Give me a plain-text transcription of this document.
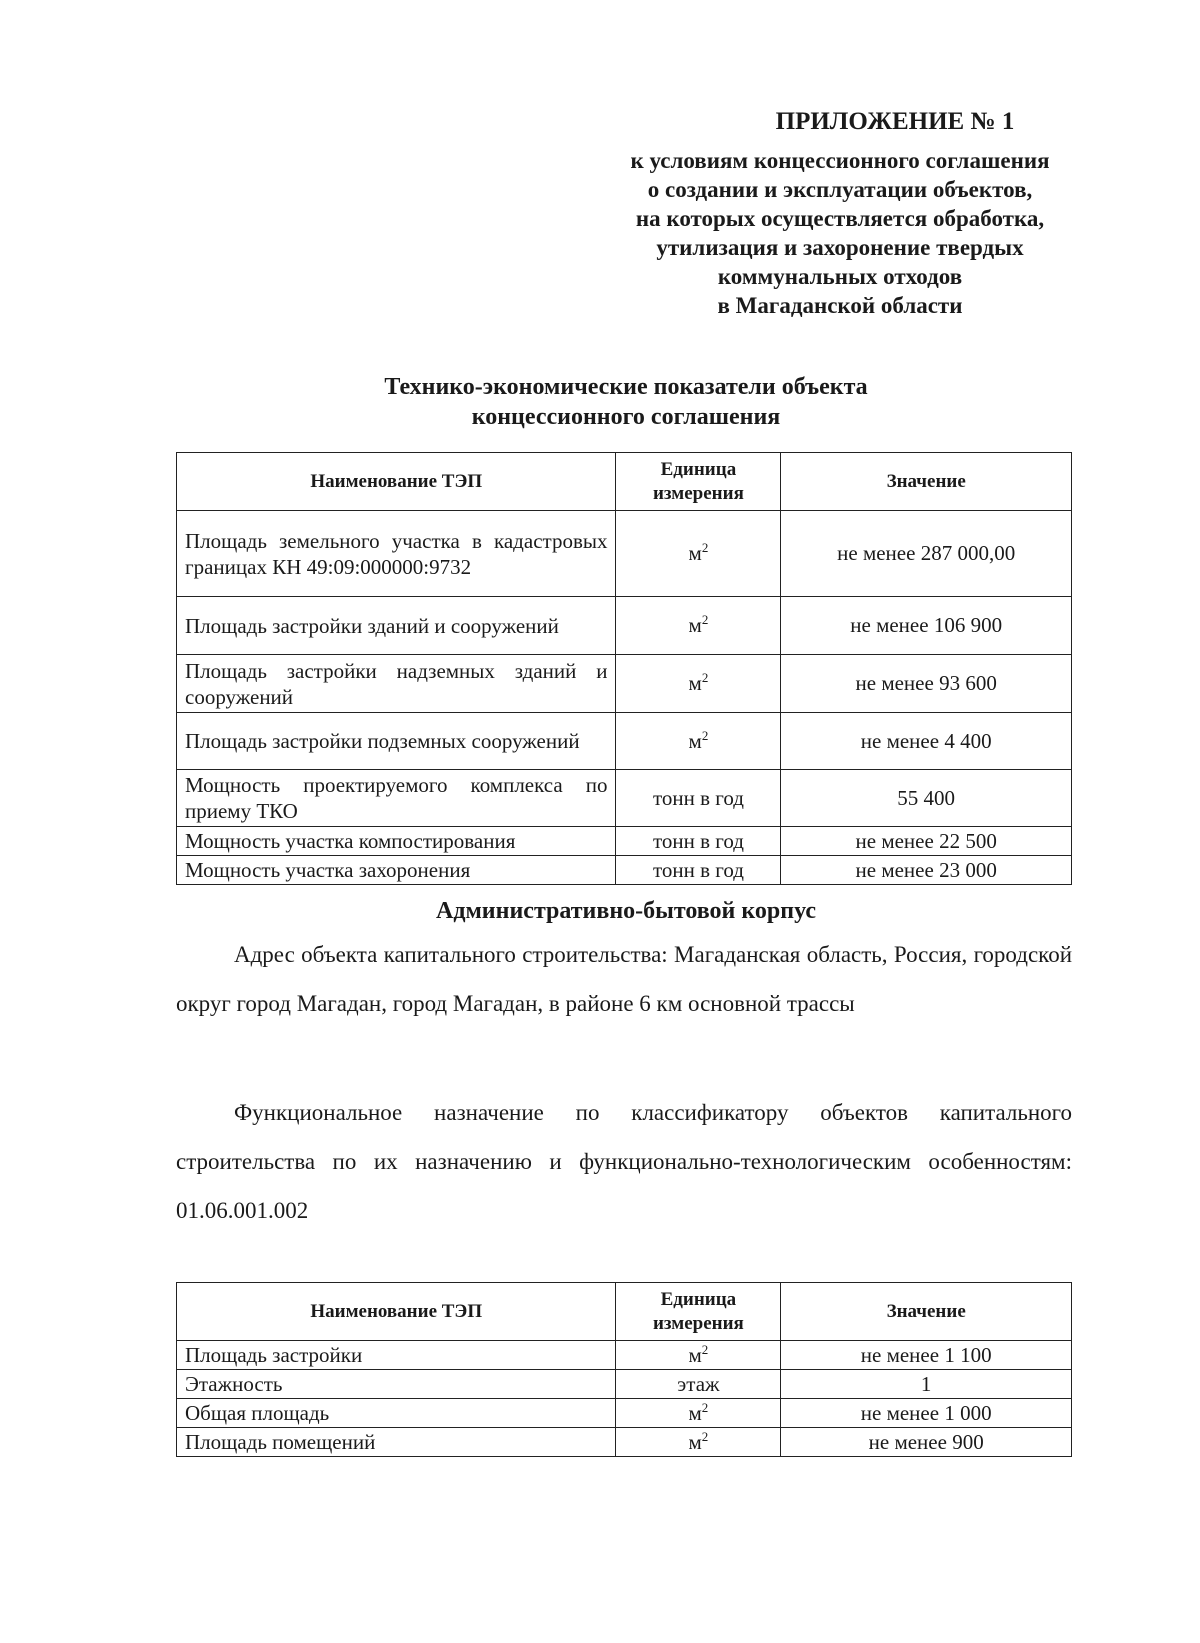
ПРИЛОЖЕНИЕ № 1
к условиям концессионного соглашения
о создании и эксплуатации объектов,
на которых осуществляется обработка,
утилизация и захоронение твердых
коммунальных отходов
в Магаданской области
Технико-экономические показатели объекта
концессионного соглашения
Наименование ТЭП	Единица измерения	Значение
Площадь земельного участка в кадастровых границах КН 49:09:000000:9732	$м^2$	не менее 287 000,00
Площадь застройки зданий и сооружений	$м^2$	не менее 106 900
Площадь застройки надземных зданий и сооружений	$м^2$	не менее 93 600
Площадь застройки подземных сооружений	$м^2$	не менее 4 400
Мощность проектируемого комплекса по приему ТКО	тонн в год	55 400
Мощность участка компостирования	тонн в год	не менее 22 500
Мощность участка захоронения	тонн в год	не менее 23 000
Административно-бытовой корпус
Адрес объекта капитального строительства: Магаданская область, Россия, городской округ город Магадан, город Магадан, в районе 6 км основной трассы
Функциональное назначение по классификатору объектов капитального строительства по их назначению и функционально-технологическим особенностям: 01.06.001.002
Наименование ТЭП	Единица измерения	Значение
Площадь застройки	$м^2$	не менее 1 100
Этажность	этаж	1
Общая площадь	$м^2$	не менее 1 000
Площадь помещений	$м^2$	не менее 900
